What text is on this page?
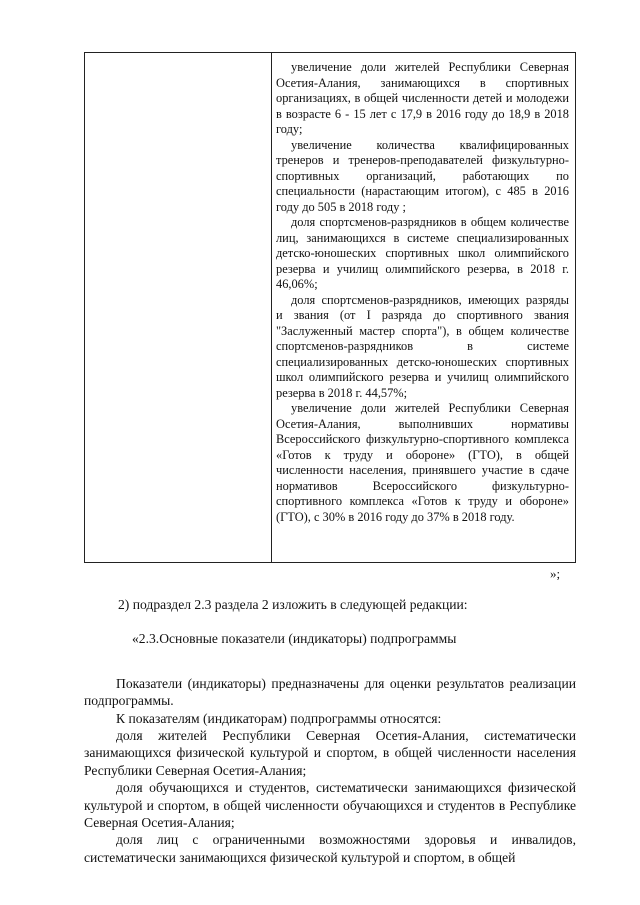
увеличение доли жителей Республики Северная Осетия-Алания, занимающихся в спортивных организациях, в общей численности детей и молодежи в возрасте 6 - 15 лет с 17,9 в 2016 году до 18,9 в 2018 году;

увеличение количества квалифицированных тренеров и тренеров-преподавателей физкультурно-спортивных организаций, работающих по специальности (нарастающим итогом), с 485 в 2016 году до 505 в 2018 году ;

доля спортсменов-разрядников в общем количестве лиц, занимающихся в системе специализированных детско-юношеских спортивных школ олимпийского резерва и училищ олимпийского резерва, в 2018 г. 46,06%;

доля спортсменов-разрядников, имеющих разряды и звания (от I разряда до спортивного звания "Заслуженный мастер спорта"), в общем количестве спортсменов-разрядников в системе специализированных детско-юношеских спортивных школ олимпийского резерва и училищ олимпийского резерва в 2018 г. 44,57%;

увеличение доли жителей Республики Северная Осетия-Алания, выполнивших нормативы Всероссийского физкультурно-спортивного комплекса «Готов к труду и обороне» (ГТО), в общей численности населения, принявшего участие в сдаче нормативов Всероссийского физкультурно-спортивного комплекса «Готов к труду и обороне» (ГТО), с 30% в 2016 году до 37% в 2018 году.

»;

2) подраздел 2.3 раздела 2 изложить в следующей редакции:

«2.3.Основные показатели (индикаторы) подпрограммы

Показатели (индикаторы) предназначены для оценки результатов реализации подпрограммы.

К показателям (индикаторам) подпрограммы относятся:

доля жителей Республики Северная Осетия-Алания, систематически занимающихся физической культурой и спортом, в общей численности населения Республики Северная Осетия-Алания;

доля обучающихся и студентов, систематически занимающихся физической культурой и спортом, в общей численности обучающихся и студентов в Республике Северная Осетия-Алания;

доля лиц с ограниченными возможностями здоровья и инвалидов, систематически занимающихся физической культурой и спортом, в общей
